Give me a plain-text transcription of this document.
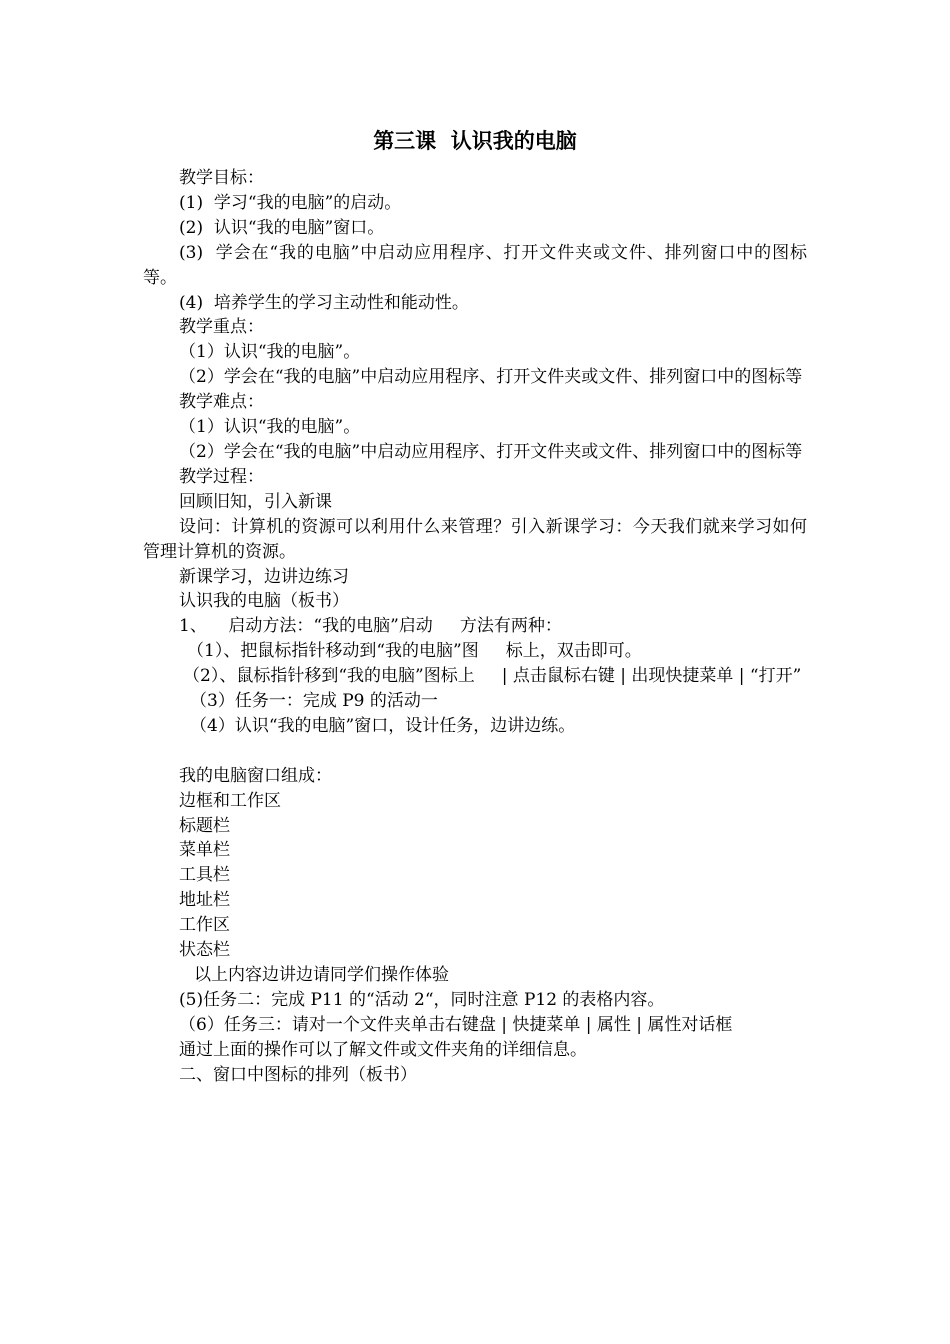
第三课  认识我的电脑

教学目标：

(1)  学习“我的电脑”的启动。

(2)  认识“我的电脑”窗口。

(3)  学会在“我的电脑”中启动应用程序、打开文件夹或文件、排列窗口中的图标等。

(4)  培养学生的学习主动性和能动性。

教学重点：

（1）认识“我的电脑”。

（2）学会在“我的电脑”中启动应用程序、打开文件夹或文件、排列窗口中的图标等

教学难点：

（1）认识“我的电脑”。

（2）学会在“我的电脑”中启动应用程序、打开文件夹或文件、排列窗口中的图标等

教学过程：

回顾旧知，引入新课

设问：计算机的资源可以利用什么来管理？引入新课学习：今天我们就来学习如何管理计算机的资源。

新课学习，边讲边练习

认识我的电脑（板书）

1、    启动方法：“我的电脑”启动     方法有两种：

（1）、把鼠标指针移动到“我的电脑”图     标上，双击即可。

（2）、鼠标指针移到“我的电脑”图标上     | 点击鼠标右键 | 出现快捷菜单 | “打开”

（3）任务一：完成 P9 的活动一

（4）认识“我的电脑”窗口，设计任务，边讲边练。

我的电脑窗口组成：

边框和工作区

标题栏

菜单栏

工具栏

地址栏

工作区

状态栏

以上内容边讲边请同学们操作体验

(5)任务二：完成 P11 的“活动 2“，同时注意 P12 的表格内容。

（6）任务三：请对一个文件夹单击右键盘 | 快捷菜单 | 属性 | 属性对话框

通过上面的操作可以了解文件或文件夹角的详细信息。

二、窗口中图标的排列（板书）
